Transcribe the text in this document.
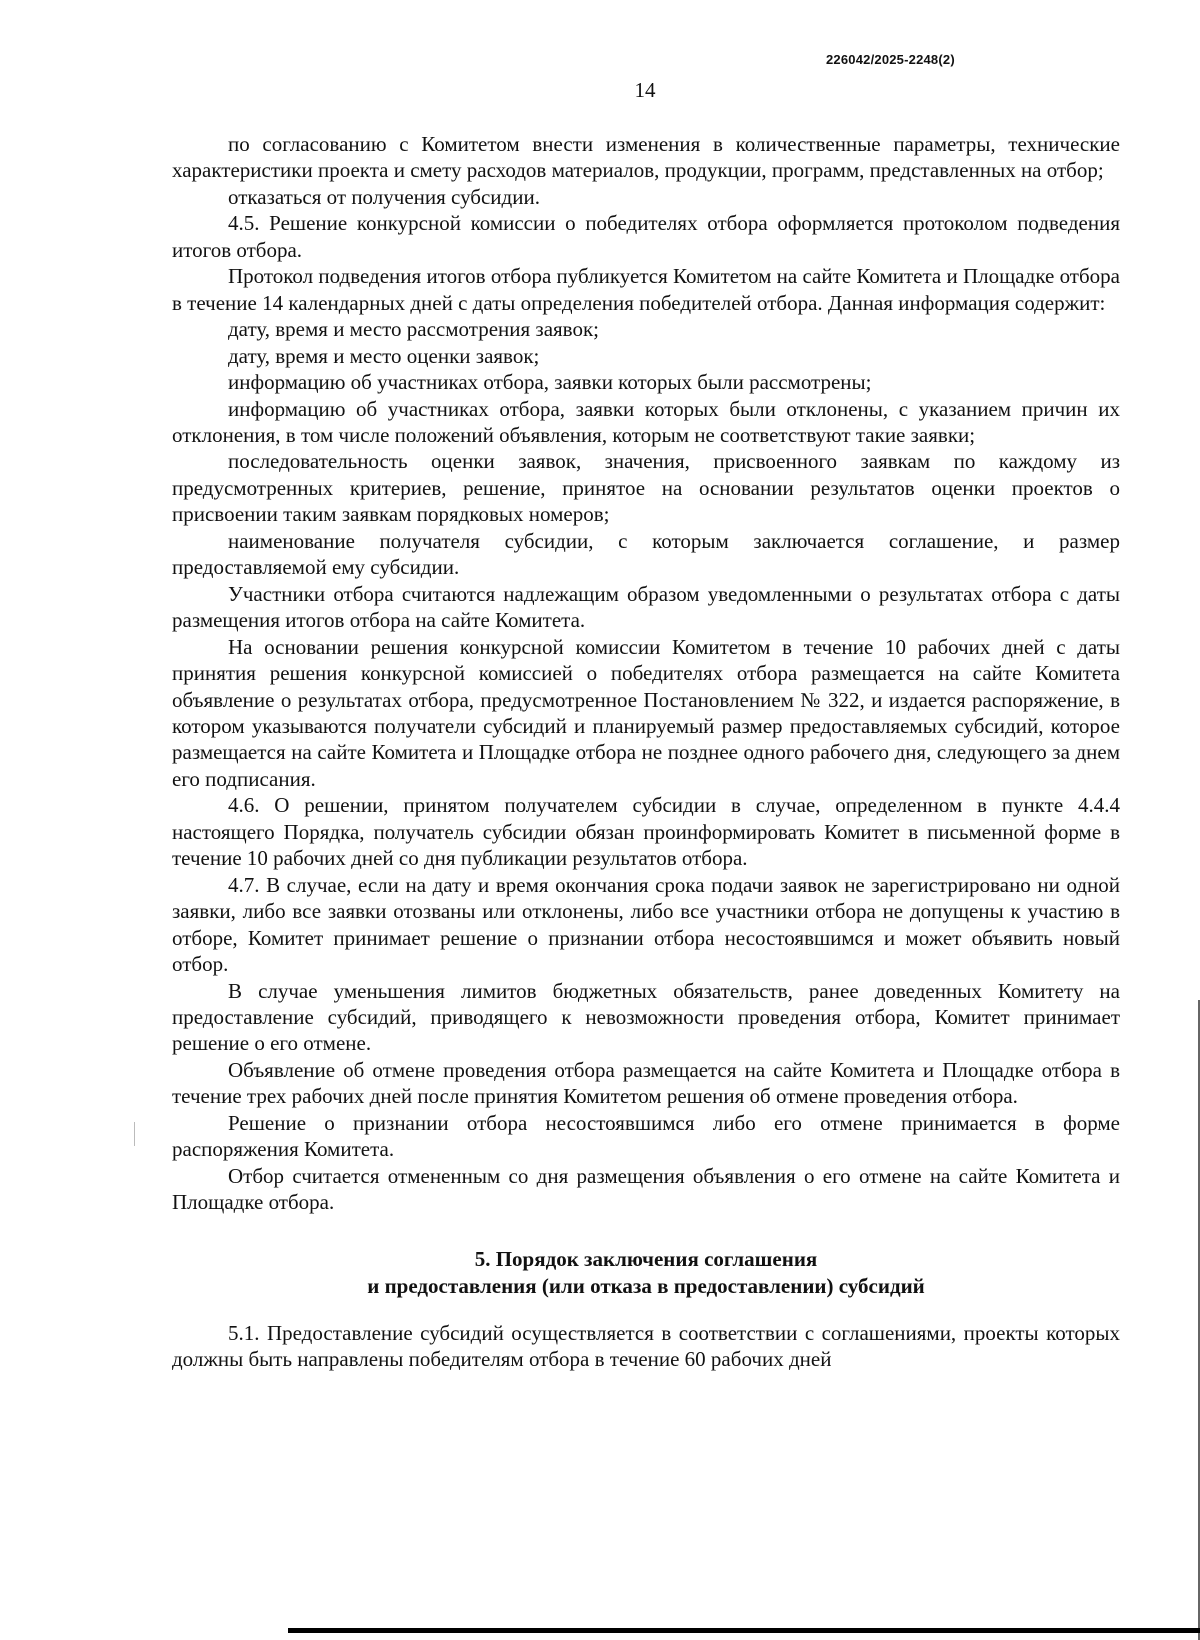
226042/2025-2248(2)
14

по согласованию с Комитетом внести изменения в количественные параметры, технические характеристики проекта и смету расходов материалов, продукции, программ, представленных на отбор;

отказаться от получения субсидии.

4.5. Решение конкурсной комиссии о победителях отбора оформляется протоколом подведения итогов отбора.

Протокол подведения итогов отбора публикуется Комитетом на сайте Комитета и Площадке отбора в течение 14 календарных дней с даты определения победителей отбора. Данная информация содержит:

дату, время и место рассмотрения заявок;

дату, время и место оценки заявок;

информацию об участниках отбора, заявки которых были рассмотрены;

информацию об участниках отбора, заявки которых были отклонены, с указанием причин их отклонения, в том числе положений объявления, которым не соответствуют такие заявки;

последовательность оценки заявок, значения, присвоенного заявкам по каждому из предусмотренных критериев, решение, принятое на основании результатов оценки проектов о присвоении таким заявкам порядковых номеров;

наименование получателя субсидии, с которым заключается соглашение, и размер предоставляемой ему субсидии.

Участники отбора считаются надлежащим образом уведомленными о результатах отбора с даты размещения итогов отбора на сайте Комитета.

На основании решения конкурсной комиссии Комитетом в течение 10 рабочих дней с даты принятия решения конкурсной комиссией о победителях отбора размещается на сайте Комитета объявление о результатах отбора, предусмотренное Постановлением № 322, и издается распоряжение, в котором указываются получатели субсидий и планируемый размер предоставляемых субсидий, которое размещается на сайте Комитета и Площадке отбора не позднее одного рабочего дня, следующего за днем его подписания.

4.6. О решении, принятом получателем субсидии в случае, определенном в пункте 4.4.4 настоящего Порядка, получатель субсидии обязан проинформировать Комитет в письменной форме в течение 10 рабочих дней со дня публикации результатов отбора.

4.7. В случае, если на дату и время окончания срока подачи заявок не зарегистрировано ни одной заявки, либо все заявки отозваны или отклонены, либо все участники отбора не допущены к участию в отборе, Комитет принимает решение о признании отбора несостоявшимся и может объявить новый отбор.

В случае уменьшения лимитов бюджетных обязательств, ранее доведенных Комитету на предоставление субсидий, приводящего к невозможности проведения отбора, Комитет принимает решение о его отмене.

Объявление об отмене проведения отбора размещается на сайте Комитета и Площадке отбора в течение трех рабочих дней после принятия Комитетом решения об отмене проведения отбора.

Решение о признании отбора несостоявшимся либо его отмене принимается в форме распоряжения Комитета.

Отбор считается отмененным со дня размещения объявления о его отмене на сайте Комитета и Площадке отбора.

5. Порядок заключения соглашения
и предоставления (или отказа в предоставлении) субсидий

5.1. Предоставление субсидий осуществляется в соответствии с соглашениями, проекты которых должны быть направлены победителям отбора в течение 60 рабочих дней
